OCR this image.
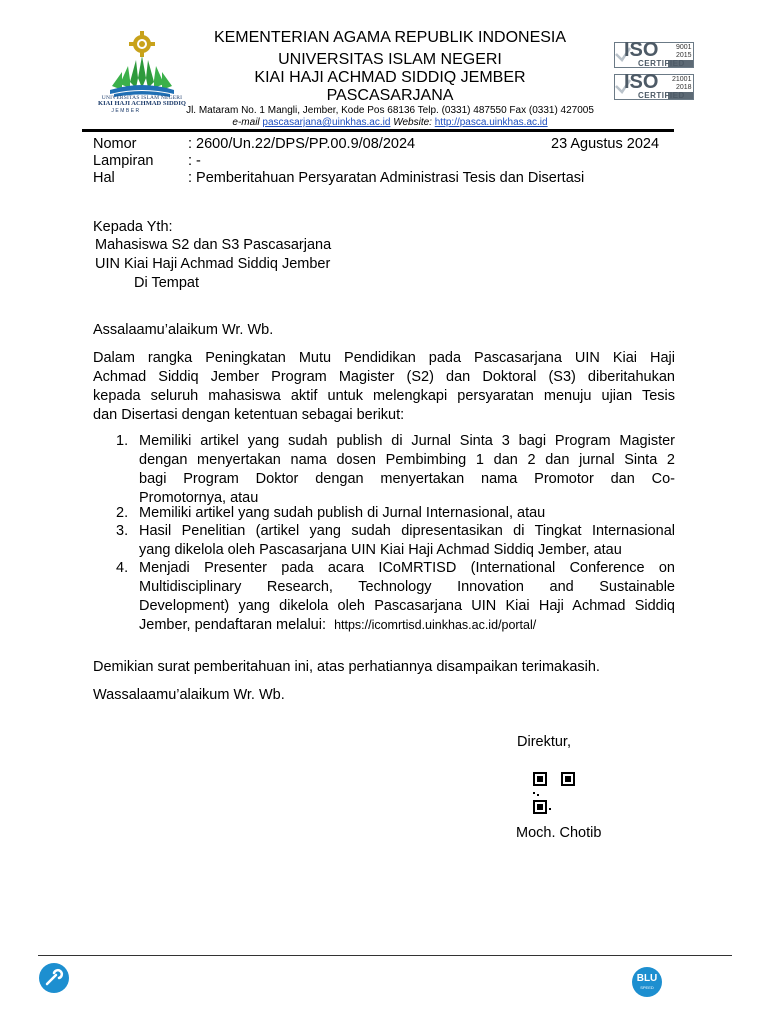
UNIVERSITAS ISLAM NEGERI
KIAI HAJI ACHMAD SIDDIQ
JEMBER
KEMENTERIAN AGAMA REPUBLIK INDONESIA
UNIVERSITAS ISLAM NEGERI
KIAI HAJI ACHMAD SIDDIQ JEMBER
PASCASARJANA
Jl. Mataram No. 1 Mangli, Jember, Kode Pos 68136 Telp. (0331) 487550 Fax (0331) 427005
e-mail pascasarjana@uinkhas.ac.id Website: http://pasca.uinkhas.ac.id
ISO	9001
2015
CERTIFIED
ISO 21001
2018
CERTIFIED
Nomor	: 2600/Un.22/DPS/PP.00.9/08/2024	23 Agustus 2024
Lampiran : -
Hal	: Pemberitahuan Persyaratan Administrasi Tesis dan Disertasi
Kepada Yth:
Mahasiswa S2 dan S3 Pascasarjana
UIN Kiai Haji Achmad Siddiq Jember
Di Tempat
Assalaamu’alaikum Wr. Wb.
Dalam rangka Peningkatan Mutu Pendidikan pada Pascasarjana UIN Kiai Haji
Achmad Siddiq Jember Program Magister (S2) dan Doktoral (S3) diberitahukan
kepada seluruh mahasiswa aktif untuk melengkapi persyaratan menuju ujian Tesis
dan Disertasi dengan ketentuan sebagai berikut:
1. Memiliki artikel yang sudah publish di Jurnal Sinta 3 bagi Program Magister
dengan menyertakan nama dosen Pembimbing 1 dan 2 dan jurnal Sinta 2
bagi Program Doktor dengan menyertakan nama Promotor dan Co-
Promotornya, atau
2. Memiliki artikel yang sudah publish di Jurnal Internasional, atau
3. Hasil Penelitian (artikel yang sudah dipresentasikan di Tingkat Internasional
yang dikelola oleh Pascasarjana UIN Kiai Haji Achmad Siddiq Jember, atau
4. Menjadi Presenter pada acara ICoMRTISD (International Conference on
Multidisciplinary Research, Technology Innovation and Sustainable
Development) yang dikelola oleh Pascasarjana UIN Kiai Haji Achmad Siddiq
Jember, pendaftaran melalui: https://icomrtisd.uinkhas.ac.id/portal/
Demikian surat pemberitahuan ini, atas perhatiannya disampaikan terimakasih.
Wassalaamu’alaikum Wr. Wb.
Direktur,
Moch. Chotib
BLU
SPEED
